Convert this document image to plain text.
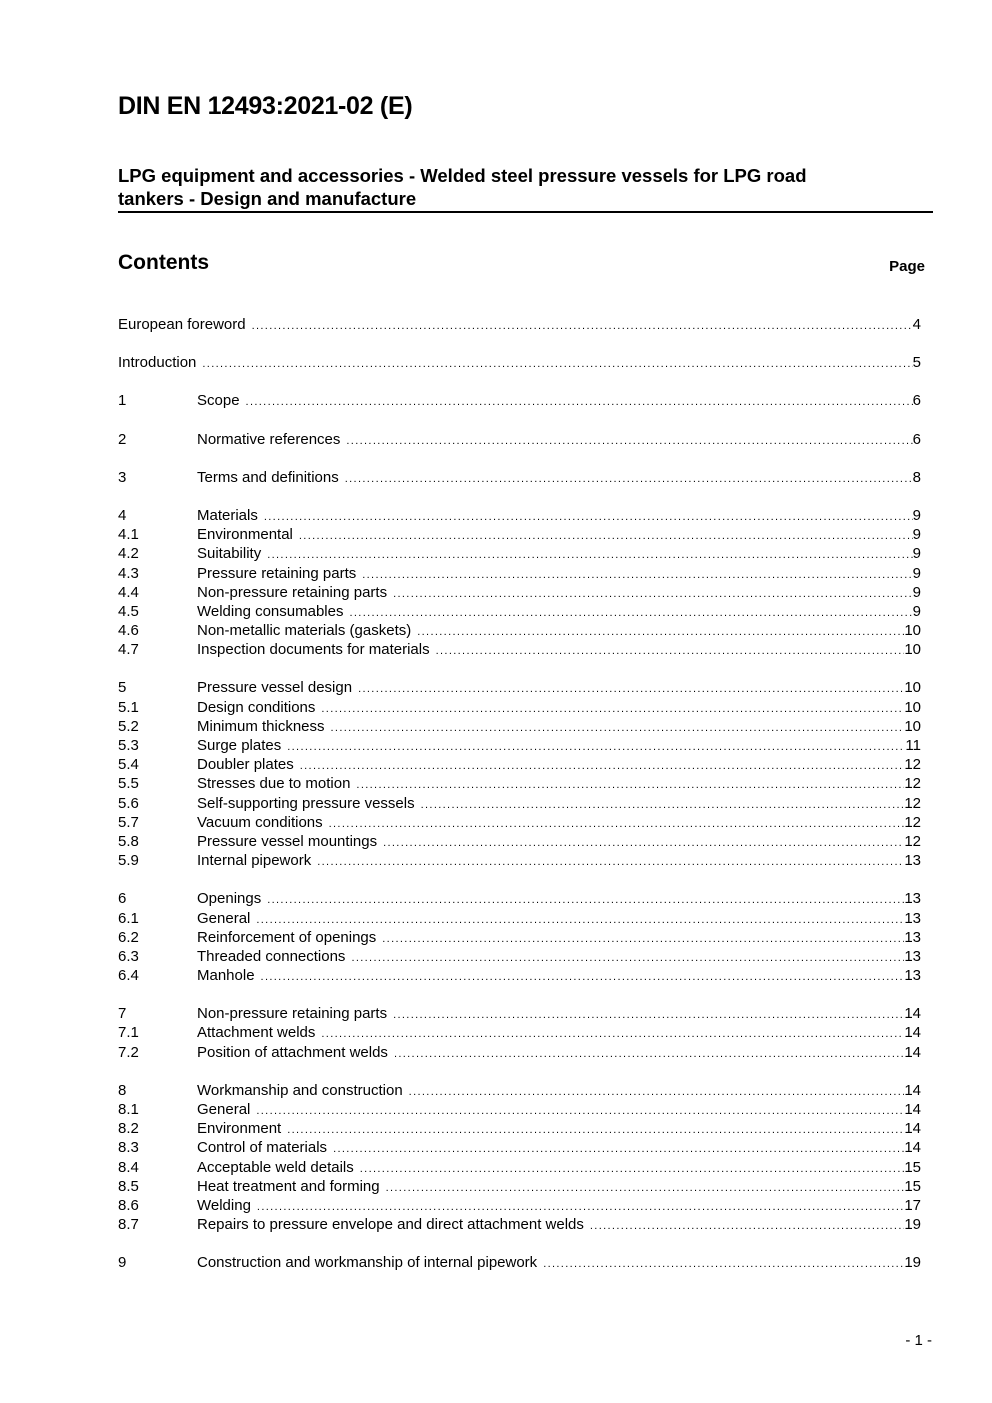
DIN EN 12493:2021-02 (E)
LPG equipment and accessories - Welded steel pressure vessels for LPG road
tankers - Design and manufacture
Contents	Page
European foreword .....	4
Introduction .....	5
1	Scope .....	6
2	Normative references .....	6
3	Terms and definitions .....	8
4	Materials .....	9
4.1	Environmental .....	9
4.2	Suitability .....	9
4.3	Pressure retaining parts .....	9
4.4	Non-pressure retaining parts .....	9
4.5	Welding consumables .....	9
4.6	Non-metallic materials (gaskets) .....	10
4.7	Inspection documents for materials .....	10
5	Pressure vessel design .....	10
5.1	Design conditions .....	10
5.2	Minimum thickness .....	10
5.3	Surge plates .....	11
5.4	Doubler plates .....	12
5.5	Stresses due to motion .....	12
5.6	Self-supporting pressure vessels .....	12
5.7	Vacuum conditions .....	12
5.8	Pressure vessel mountings .....	12
5.9	Internal pipework .....	13
6	Openings .....	13
6.1	General .....	13
6.2	Reinforcement of openings .....	13
6.3	Threaded connections .....	13
6.4	Manhole .....	13
7	Non-pressure retaining parts .....	14
7.1	Attachment welds .....	14
7.2	Position of attachment welds .....	14
8	Workmanship and construction .....	14
8.1	General .....	14
8.2	Environment .....	14
8.3	Control of materials .....	14
8.4	Acceptable weld details .....	15
8.5	Heat treatment and forming .....	15
8.6	Welding .....	17
8.7	Repairs to pressure envelope and direct attachment welds .....	19
9	Construction and workmanship of internal pipework .....	19
- 1 -
